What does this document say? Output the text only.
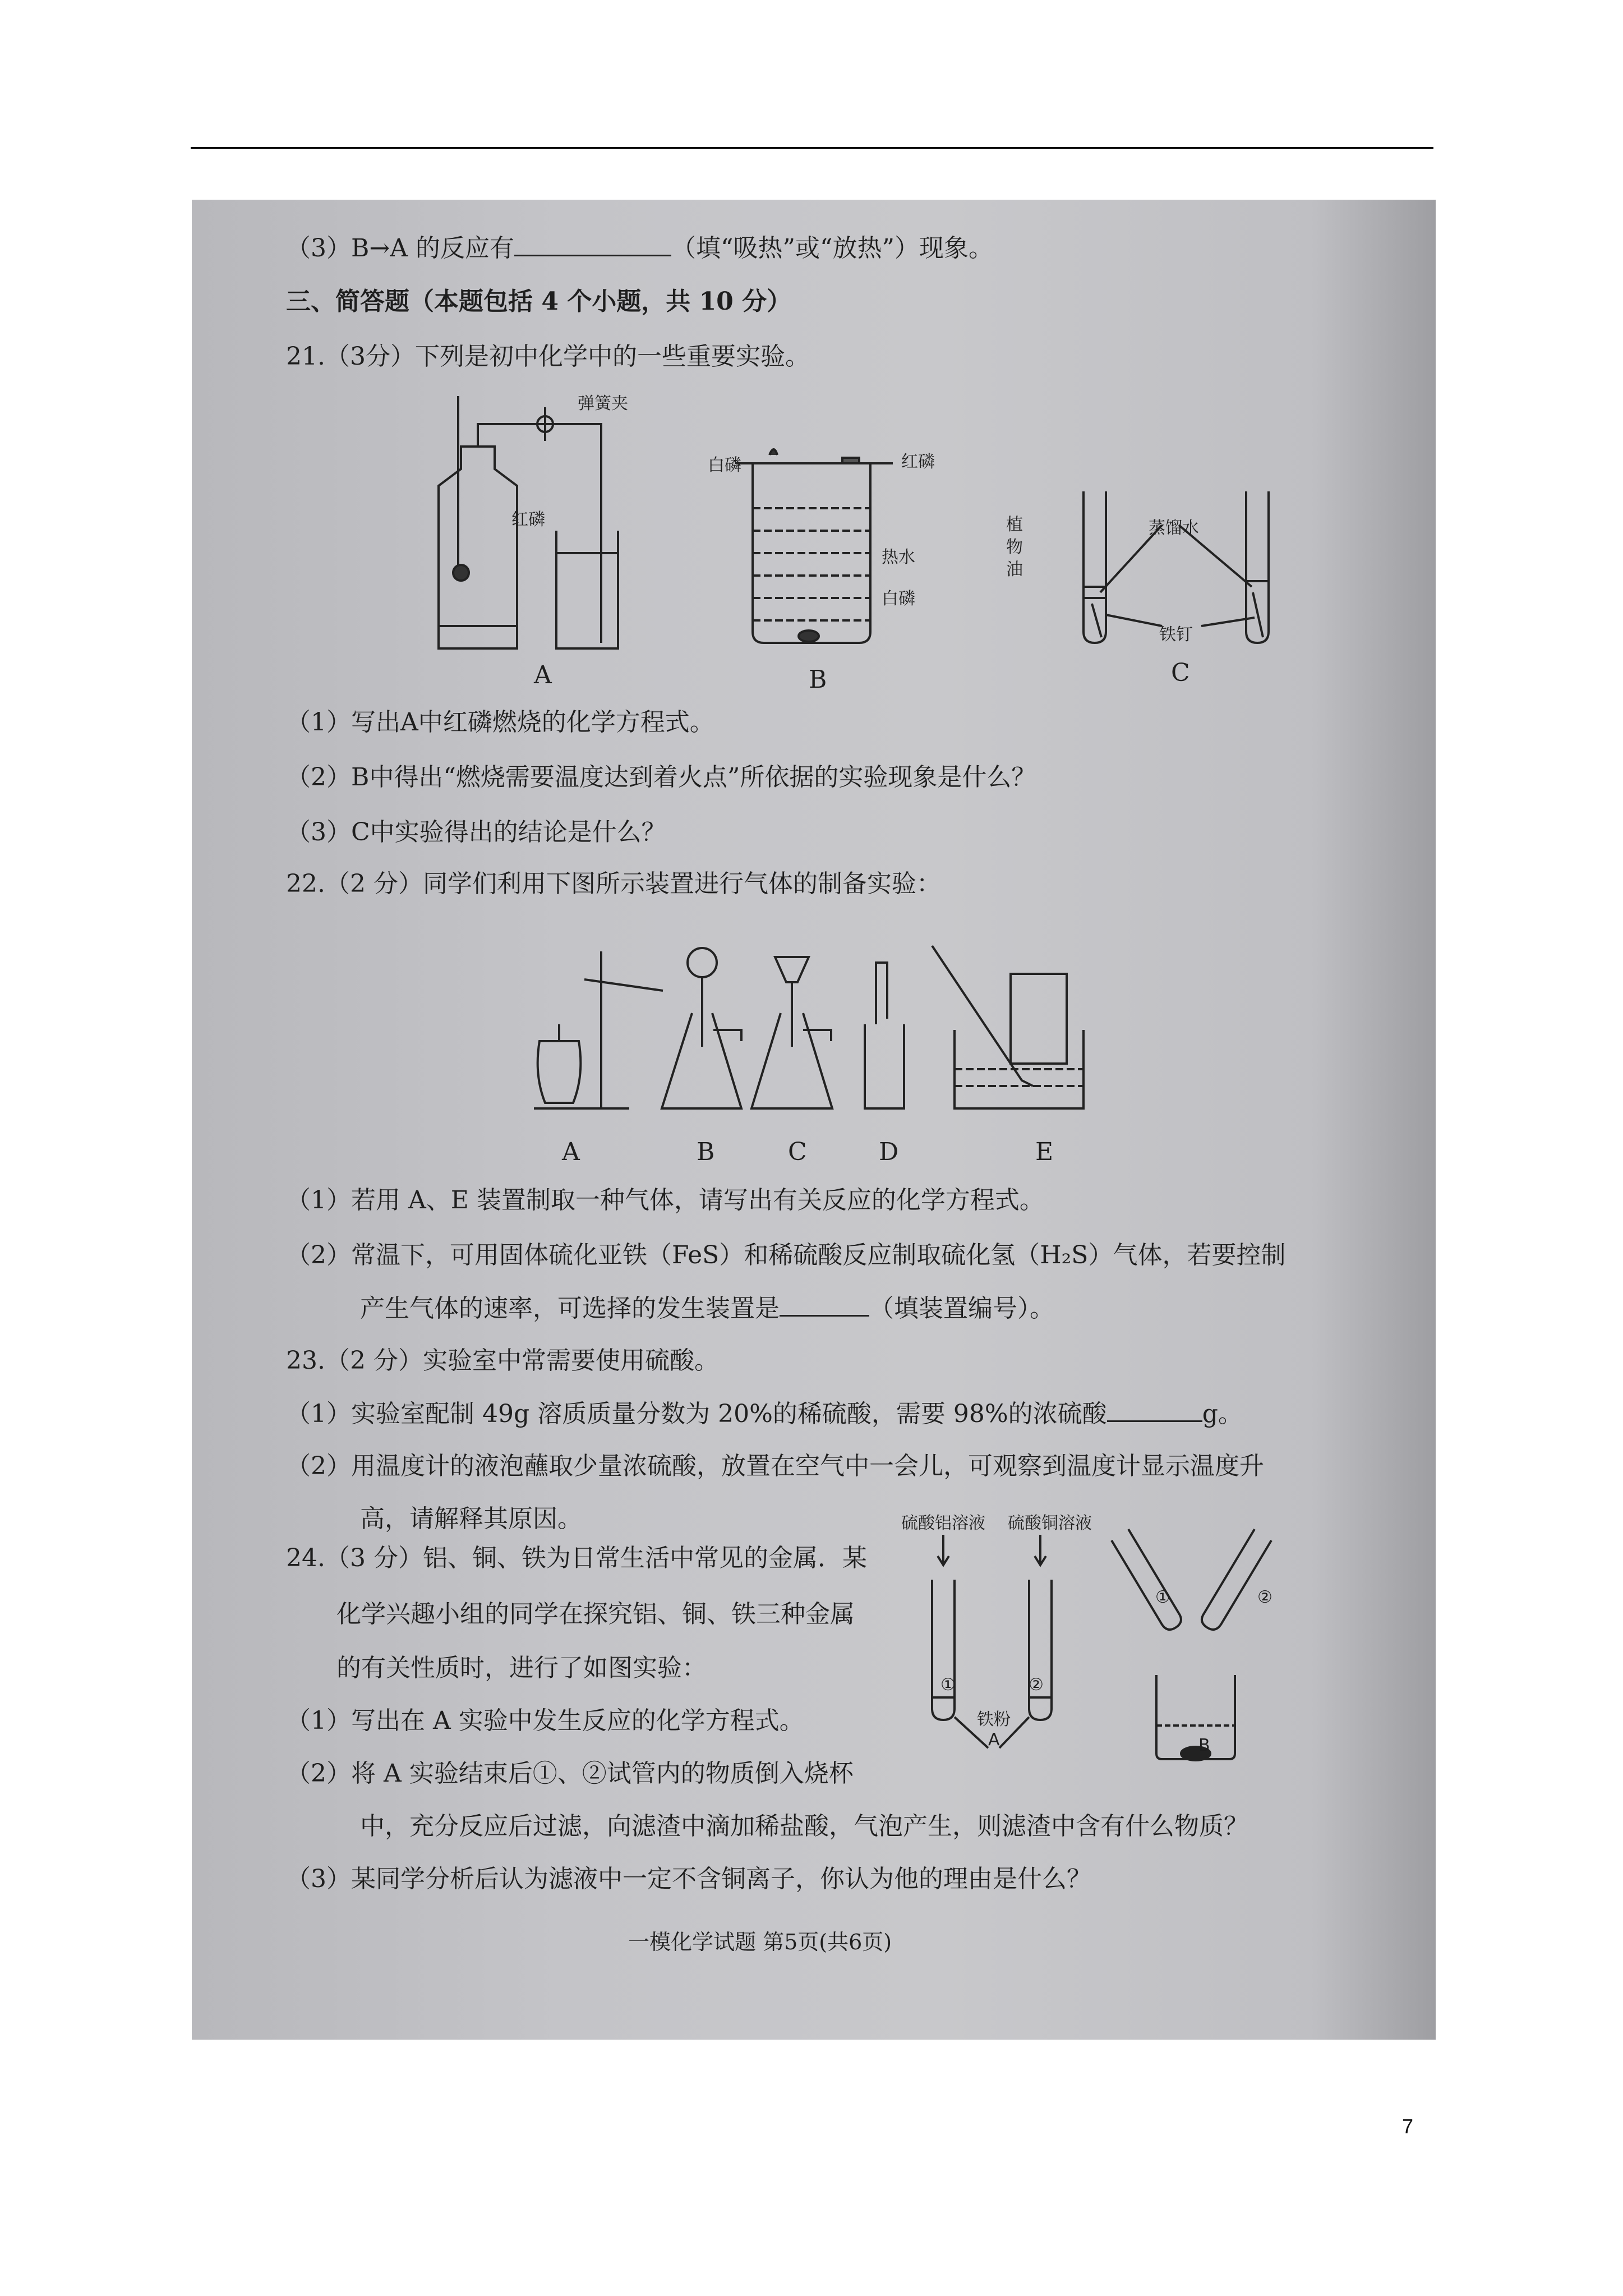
（3）B→A 的反应有	（填“吸热”或“放热”）现象。
三、简答题（本题包括 4 个小题，共 10 分）
21.（3分）下列是初中化学中的一些重要实验。
弹簧夹
红磷
A
白磷	红磷
热水
白磷
B
植
物
油
蒸馏水
铁钉
C
（1）写出A中红磷燃烧的化学方程式。
（2）B中得出“燃烧需要温度达到着火点”所依据的实验现象是什么？
（3）C中实验得出的结论是什么？
22.（2 分）同学们利用下图所示装置进行气体的制备实验：
A	B	C	D	E
（1）若用 A、E 装置制取一种气体，请写出有关反应的化学方程式。
（2）常温下，可用固体硫化亚铁（FeS）和稀硫酸反应制取硫化氢（H₂S）气体，若要控制
产生气体的速率，可选择的发生装置是	（填装置编号）。
23.（2 分）实验室中常需要使用硫酸。
（1）实验室配制 49g 溶质质量分数为 20%的稀硫酸，需要 98%的浓硫酸	g。
（2）用温度计的液泡蘸取少量浓硫酸，放置在空气中一会儿，可观察到温度计显示温度升
高，请解释其原因。
24.（3 分）铝、铜、铁为日常生活中常见的金属．某
化学兴趣小组的同学在探究铝、铜、铁三种金属
的有关性质时，进行了如图实验：
（1）写出在 A 实验中发生反应的化学方程式。
（2）将 A 实验结束后①、②试管内的物质倒入烧杯
中，充分反应后过滤，向滤渣中滴加稀盐酸，气泡产生，则滤渣中含有什么物质？
（3）某同学分析后认为滤液中一定不含铜离子，你认为他的理由是什么？
硫酸铝溶液 硫酸铜溶液
①	②
铁粉
A
①	②
B
一模化学试题 第5页(共6页)
7
